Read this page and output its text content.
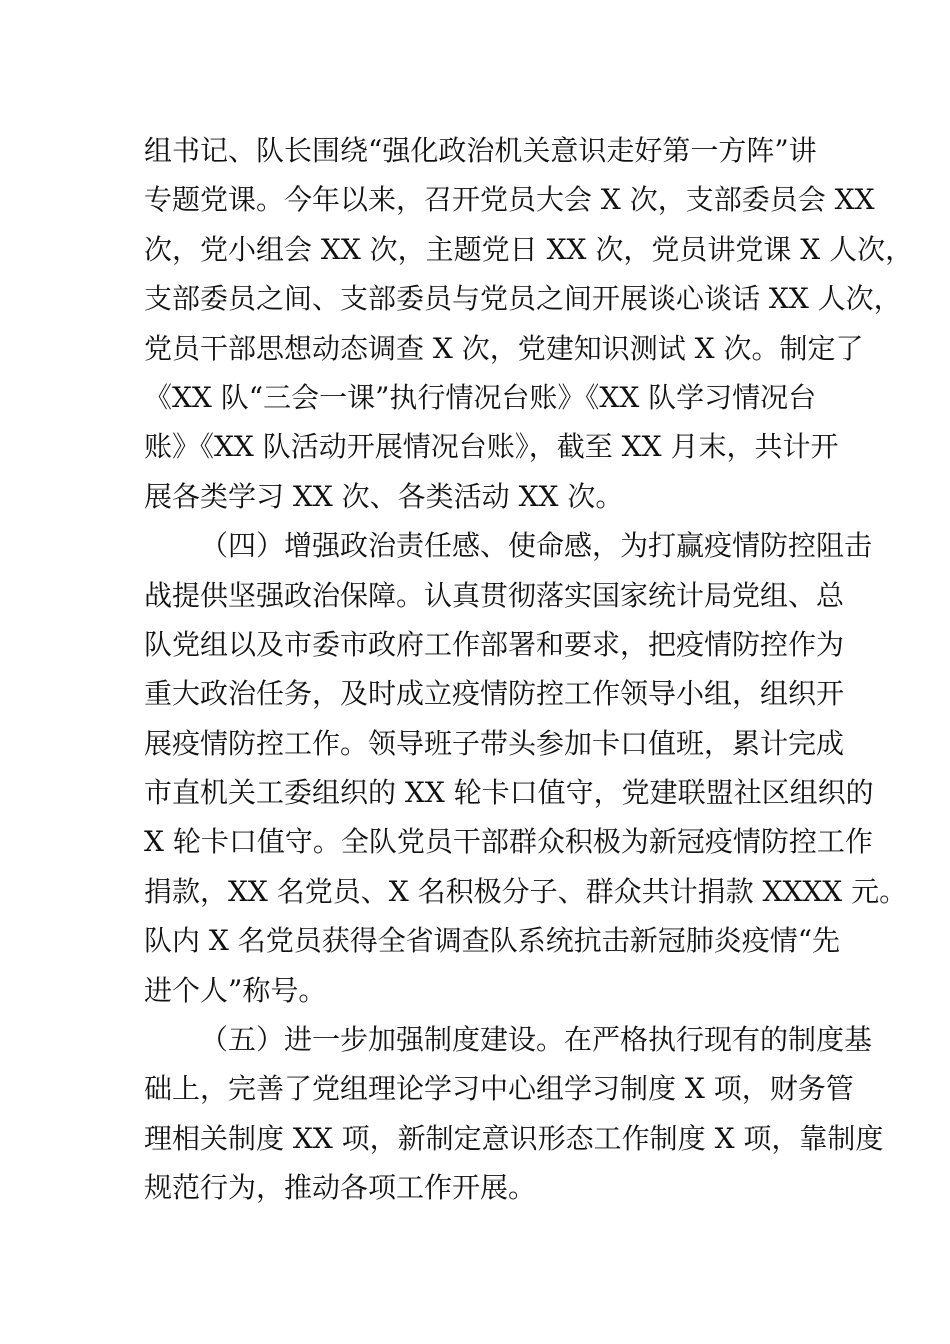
组书记、队长围绕“强化政治机关意识走好第一方阵”讲
专题党课。今年以来，召开党员大会 X 次，支部委员会 XX
次，党小组会 XX 次，主题党日 XX 次，党员讲党课 X 人次，
支部委员之间、支部委员与党员之间开展谈心谈话 XX 人次，
党员干部思想动态调查 X 次，党建知识测试 X 次。制定了
《XX 队“三会一课”执行情况台账》《XX 队学习情况台
账》《XX 队活动开展情况台账》，截至 XX 月末，共计开
展各类学习 XX 次、各类活动 XX 次。
（四）增强政治责任感、使命感，为打赢疫情防控阻击
战提供坚强政治保障。认真贯彻落实国家统计局党组、总
队党组以及市委市政府工作部署和要求，把疫情防控作为
重大政治任务，及时成立疫情防控工作领导小组，组织开
展疫情防控工作。领导班子带头参加卡口值班，累计完成
市直机关工委组织的 XX 轮卡口值守，党建联盟社区组织的
X 轮卡口值守。全队党员干部群众积极为新冠疫情防控工作
捐款，XX 名党员、X 名积极分子、群众共计捐款 XXXX 元。
队内 X 名党员获得全省调查队系统抗击新冠肺炎疫情“先
进个人”称号。
（五）进一步加强制度建设。在严格执行现有的制度基
础上，完善了党组理论学习中心组学习制度 X 项，财务管
理相关制度 XX 项，新制定意识形态工作制度 X 项，靠制度
规范行为，推动各项工作开展。
